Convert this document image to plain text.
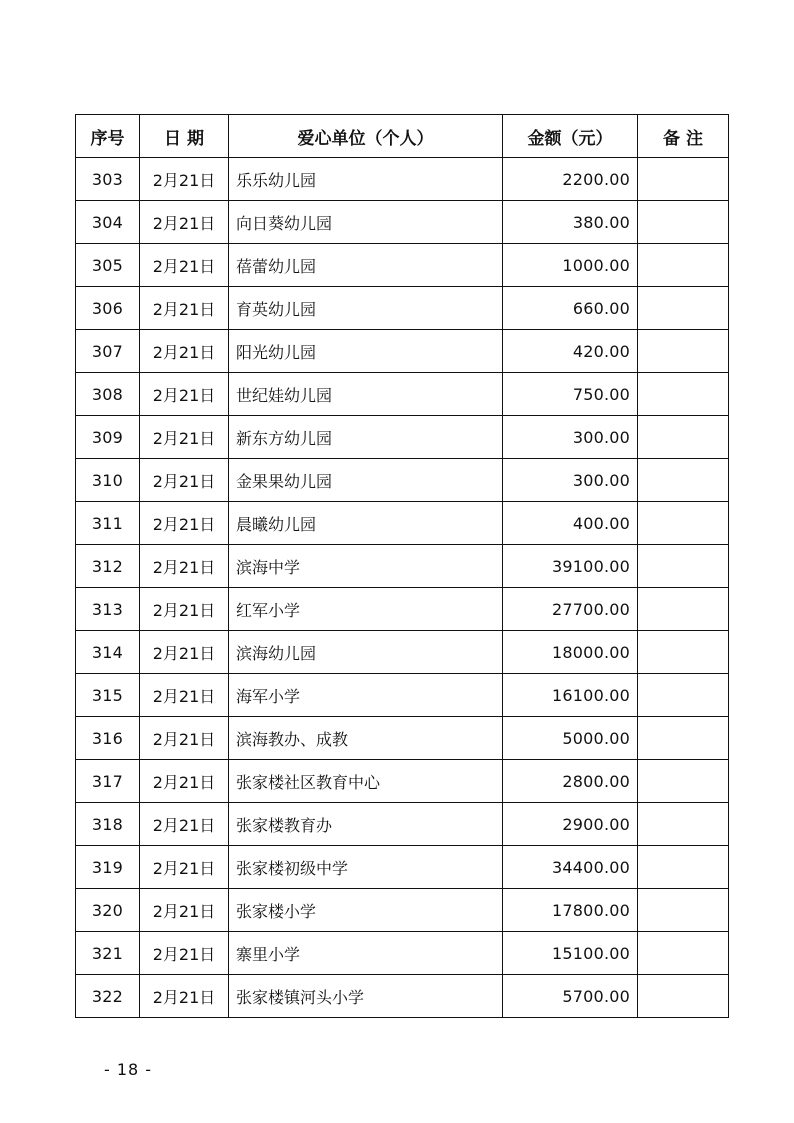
序号	日 期	爱心单位（个人）	金额（元）	备 注
303	2月21日	乐乐幼儿园	2200.00	
304	2月21日	向日葵幼儿园	380.00	
305	2月21日	蓓蕾幼儿园	1000.00	
306	2月21日	育英幼儿园	660.00	
307	2月21日	阳光幼儿园	420.00	
308	2月21日	世纪娃幼儿园	750.00	
309	2月21日	新东方幼儿园	300.00	
310	2月21日	金果果幼儿园	300.00	
311	2月21日	晨曦幼儿园	400.00	
312	2月21日	滨海中学	39100.00	
313	2月21日	红军小学	27700.00	
314	2月21日	滨海幼儿园	18000.00	
315	2月21日	海军小学	16100.00	
316	2月21日	滨海教办、成教	5000.00	
317	2月21日	张家楼社区教育中心	2800.00	
318	2月21日	张家楼教育办	2900.00	
319	2月21日	张家楼初级中学	34400.00	
320	2月21日	张家楼小学	17800.00	
321	2月21日	寨里小学	15100.00	
322	2月21日	张家楼镇河头小学	5700.00	
- 18 -
